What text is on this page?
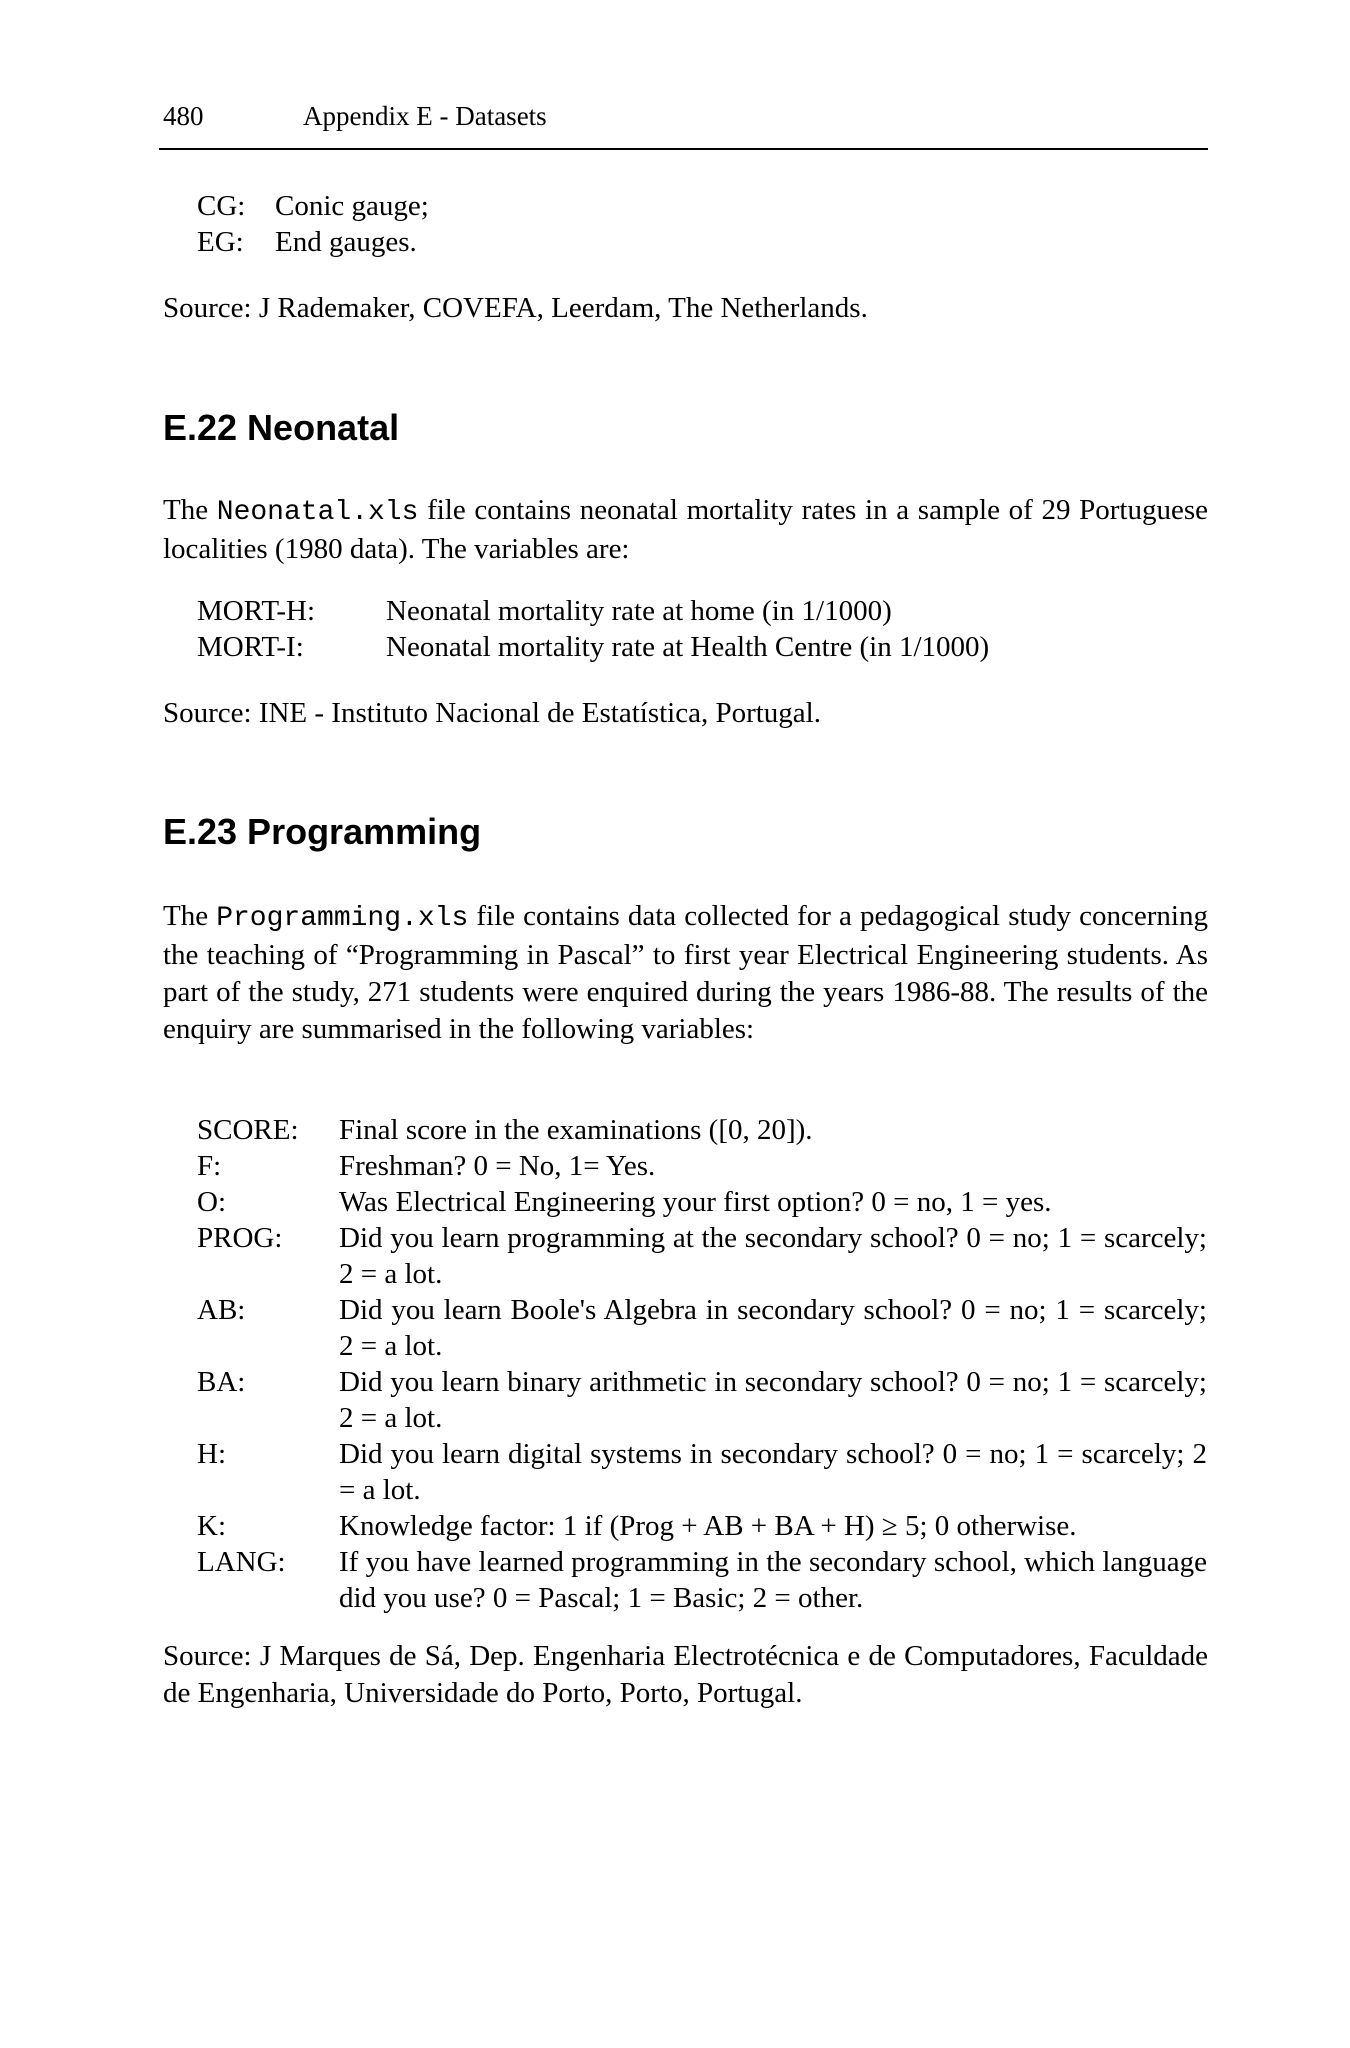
480	Appendix E - Datasets
CG:	Conic gauge;
EG:	End gauges.

Source: J Rademaker, COVEFA, Leerdam, The Netherlands.

E.22 Neonatal

The Neonatal.xls file contains neonatal mortality rates in a sample of 29 Portuguese localities (1980 data). The variables are:

MORT-H:	Neonatal mortality rate at home (in 1/1000)
MORT-I:	Neonatal mortality rate at Health Centre (in 1/1000)

Source: INE - Instituto Nacional de Estatística, Portugal.

E.23 Programming

The Programming.xls file contains data collected for a pedagogical study concerning the teaching of “Programming in Pascal” to first year Electrical Engineering students. As part of the study, 271 students were enquired during the years 1986-88. The results of the enquiry are summarised in the following variables:

SCORE:	Final score in the examinations ([0, 20]).
F:	Freshman? 0 = No, 1= Yes.
O:	Was Electrical Engineering your first option? 0 = no, 1 = yes.
PROG:	Did you learn programming at the secondary school? 0 = no; 1 = scarcely; 2 = a lot.
AB:	Did you learn Boole's Algebra in secondary school? 0 = no; 1 = scarcely; 2 = a lot.
BA:	Did you learn binary arithmetic in secondary school? 0 = no; 1 = scarcely; 2 = a lot.
H:	Did you learn digital systems in secondary school? 0 = no; 1 = scarcely; 2 = a lot.
K:	Knowledge factor: 1 if (Prog + AB + BA + H) ≥ 5; 0 otherwise.
LANG:	If you have learned programming in the secondary school, which language did you use? 0 = Pascal; 1 = Basic; 2 = other.

Source: J Marques de Sá, Dep. Engenharia Electrotécnica e de Computadores, Faculdade de Engenharia, Universidade do Porto, Porto, Portugal.
